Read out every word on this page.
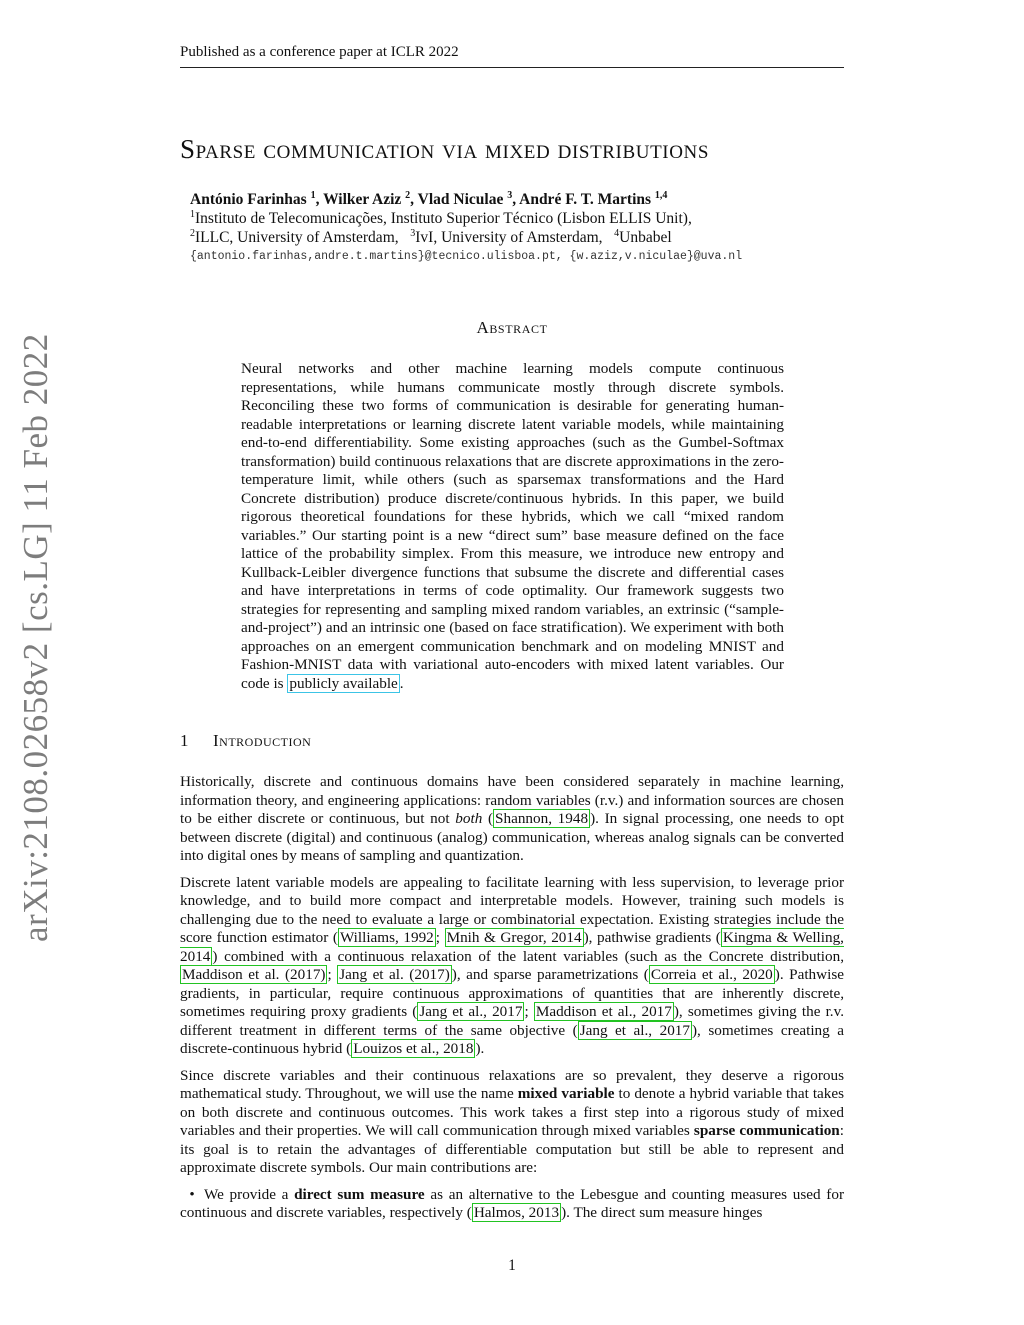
Published as a conference paper at ICLR 2022
Sparse communication via mixed distributions
António Farinhas $^1$, Wilker Aziz $^2$, Vlad Niculae $^3$, André F. T. Martins $^{1,4}$
$^1$Instituto de Telecomunicações, Instituto Superior Técnico (Lisbon ELLIS Unit),
$^2$ILLC, University of Amsterdam, $^3$IvI, University of Amsterdam, $^4$Unbabel
{antonio.farinhas,andre.t.martins}@tecnico.ulisboa.pt, {w.aziz,v.niculae}@uva.nl
Abstract
Neural networks and other machine learning models compute continuous representations, while humans communicate mostly through discrete symbols. Reconciling these two forms of communication is desirable for generating human-readable interpretations or learning discrete latent variable models, while maintaining end-to-end differentiability. Some existing approaches (such as the Gumbel-Softmax transformation) build continuous relaxations that are discrete approximations in the zero-temperature limit, while others (such as sparsemax transformations and the Hard Concrete distribution) produce discrete/continuous hybrids. In this paper, we build rigorous theoretical foundations for these hybrids, which we call “mixed random variables.” Our starting point is a new “direct sum” base measure defined on the face lattice of the probability simplex. From this measure, we introduce new entropy and Kullback-Leibler divergence functions that subsume the discrete and differential cases and have interpretations in terms of code optimality. Our framework suggests two strategies for representing and sampling mixed random variables, an extrinsic (“sample-and-project”) and an intrinsic one (based on face stratification). We experiment with both approaches on an emergent communication benchmark and on modeling MNIST and Fashion-MNIST data with variational auto-encoders with mixed latent variables. Our code is publicly available .
1 Introduction

Historically, discrete and continuous domains have been considered separately in machine learning, information theory, and engineering applications: random variables (r.v.) and information sources are chosen to be either discrete or continuous, but not both ( Shannon, 1948 ). In signal processing, one needs to opt between discrete (digital) and continuous (analog) communication, whereas analog signals can be converted into digital ones by means of sampling and quantization.

Discrete latent variable models are appealing to facilitate learning with less supervision, to leverage prior knowledge, and to build more compact and interpretable models. However, training such models is challenging due to the need to evaluate a large or combinatorial expectation. Existing strategies include the score function estimator ( Williams, 1992 ; Mnih & Gregor, 2014 ), pathwise gradients ( Kingma & Welling, 2014 ) combined with a continuous relaxation of the latent variables (such as the Concrete distribution, Maddison et al. (2017) ; Jang et al. (2017) ), and sparse parametrizations ( Correia et al., 2020 ). Pathwise gradients, in particular, require continuous approximations of quantities that are inherently discrete, sometimes requiring proxy gradients ( Jang et al., 2017 ; Maddison et al., 2017 ), sometimes giving the r.v. different treatment in different terms of the same objective ( Jang et al., 2017 ), sometimes creating a discrete-continuous hybrid ( Louizos et al., 2018 ).

Since discrete variables and their continuous relaxations are so prevalent, they deserve a rigorous mathematical study. Throughout, we will use the name mixed variable to denote a hybrid variable that takes on both discrete and continuous outcomes. This work takes a first step into a rigorous study of mixed variables and their properties. We will call communication through mixed variables sparse communication: its goal is to retain the advantages of differentiable computation but still be able to represent and approximate discrete symbols. Our main contributions are:

• We provide a direct sum measure as an alternative to the Lebesgue and counting measures used for continuous and discrete variables, respectively ( Halmos, 2013 ). The direct sum measure hinges

arXiv:2108.02658v2 [cs.LG] 11 Feb 2022
1
